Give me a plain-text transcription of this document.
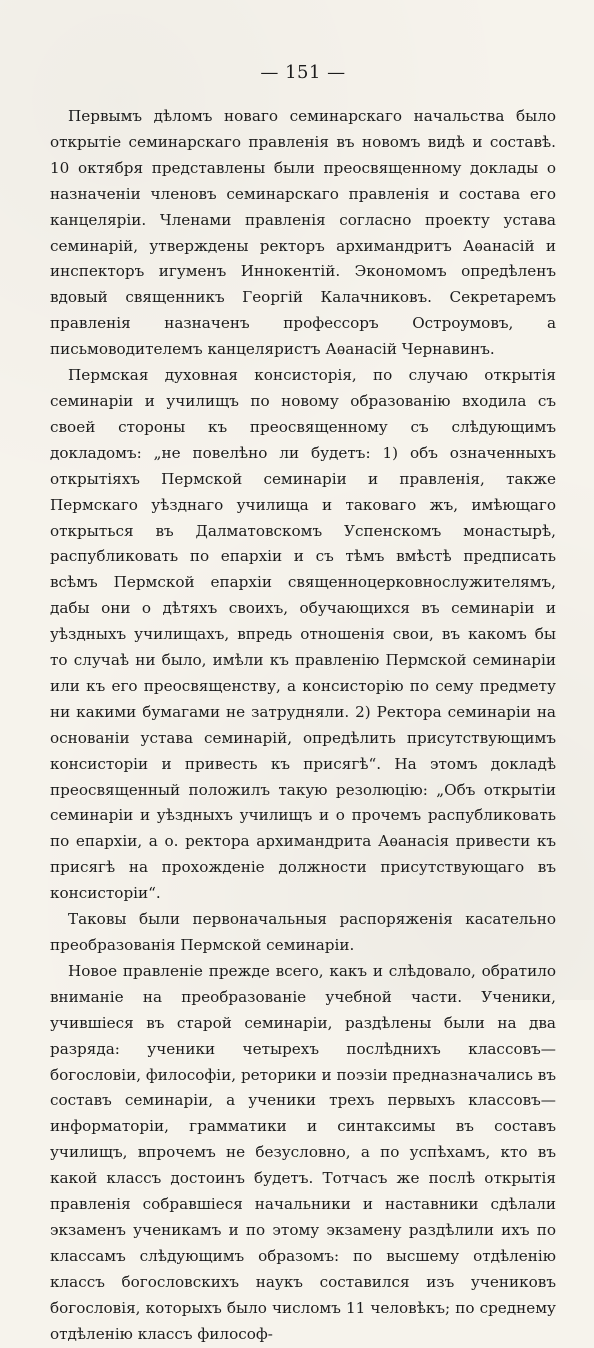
— 151 —

Первымъ дѣломъ новаго семинарскаго начальства было открытіе семинарскаго правленія въ новомъ видѣ и составѣ. 10 октября представлены были преосвященному доклады о назначеніи членовъ семинарскаго правленія и состава его канцеляріи. Членами правленія согласно проекту устава семинарій, утверждены ректоръ архимандритъ Аѳанасій и инспекторъ игуменъ Иннокентій. Экономомъ опредѣленъ вдовый священникъ Георгій Калачниковъ. Секретаремъ правленія назначенъ профессоръ Остроумовъ, а письмоводителемъ канцеляристъ Аѳанасій Чернавинъ.

Пермская духовная консисторія, по случаю открытія семинаріи и училищъ по новому образованію входила съ своей стороны къ преосвященному съ слѣдующимъ докладомъ: „не повелѣно ли будетъ: 1) объ означенныхъ открытіяхъ Пермской семинаріи и правленія, также Пермскаго уѣзднаго училища и таковаго жъ, имѣющаго открыться въ Далматовскомъ Успенскомъ монастырѣ, распубликовать по епархіи и съ тѣмъ вмѣстѣ предписать всѣмъ Пермской епархіи священноцерковнослужителямъ, дабы они о дѣтяхъ своихъ, обучающихся въ семинаріи и уѣздныхъ училищахъ, впредь отношенія свои, въ какомъ бы то случаѣ ни было, имѣли къ правленію Пермской семинаріи или къ его преосвященству, а консисторію по сему предмету ни какими бумагами не затрудняли. 2) Ректора семинаріи на основаніи устава семинарій, опредѣлить присутствующимъ консисторіи и привесть къ присягѣ“. На этомъ докладѣ преосвященный положилъ такую резолюцію: „Объ открытіи семинаріи и уѣздныхъ училищъ и о прочемъ распубликовать по епархіи, а о. ректора архимандрита Аѳанасія привести къ присягѣ на прохожденіе должности присутствующаго въ консисторіи“.

Таковы были первоначальныя распоряженія касательно преобразованія Пермской семинаріи.

Новое правленіе прежде всего, какъ и слѣдовало, обратило вниманіе на преобразованіе учебной части. Ученики, учившіеся въ старой семинаріи, раздѣлены были на два разряда: ученики четырехъ послѣднихъ классовъ— богословіи, философіи, реторики и поэзіи предназначались въ составъ семинаріи, а ученики трехъ первыхъ классовъ—информаторіи, грамматики и синтаксимы въ составъ училищъ, впрочемъ не безусловно, а по успѣхамъ, кто въ какой классъ достоинъ будетъ. Тотчасъ же послѣ открытія правленія собравшіеся начальники и наставники сдѣлали экзаменъ ученикамъ и по этому экзамену раздѣлили ихъ по классамъ слѣдующимъ образомъ: по высшему отдѣленію классъ богословскихъ наукъ составился изъ учениковъ богословія, которыхъ было числомъ 11 человѣкъ; по среднему отдѣленію классъ философ-
